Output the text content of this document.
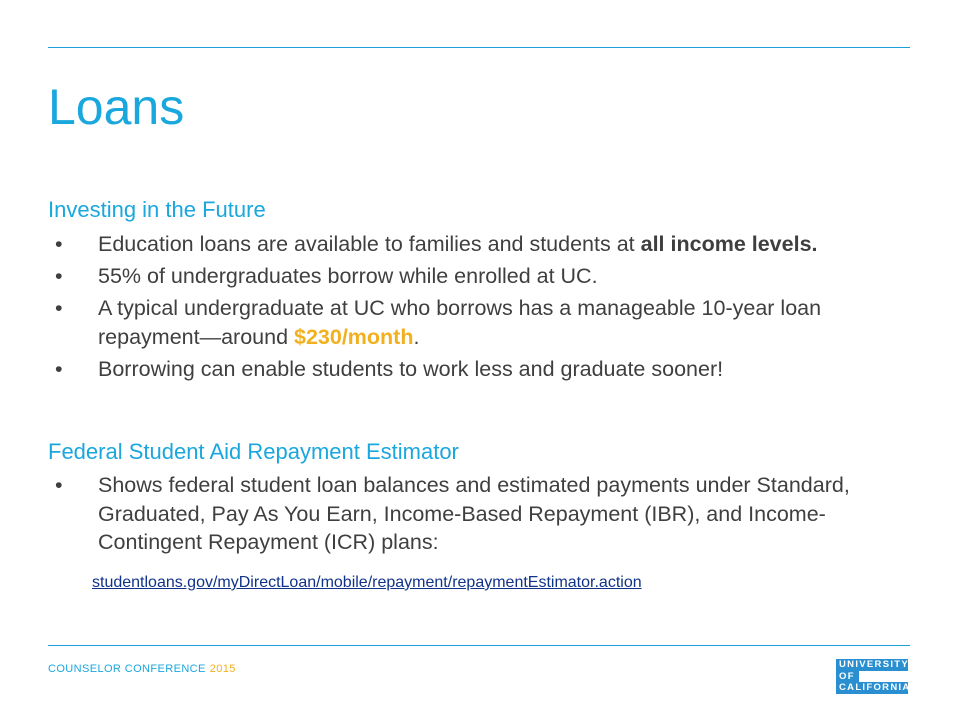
Loans
Investing in the Future
• Education loans are available to families and students at all income levels.
• 55% of undergraduates borrow while enrolled at UC.
• A typical undergraduate at UC who borrows has a manageable 10-year loan repayment—around $230/month.
• Borrowing can enable students to work less and graduate sooner!
Federal Student Aid Repayment Estimator
• Shows federal student loan balances and estimated payments under Standard, Graduated, Pay As You Earn, Income-Based Repayment (IBR), and Income-Contingent Repayment (ICR) plans:
studentloans.gov/myDirectLoan/mobile/repayment/repaymentEstimator.action
COUNSELOR CONFERENCE 2015	UNIVERSITY
OF
CALIFORNIA
